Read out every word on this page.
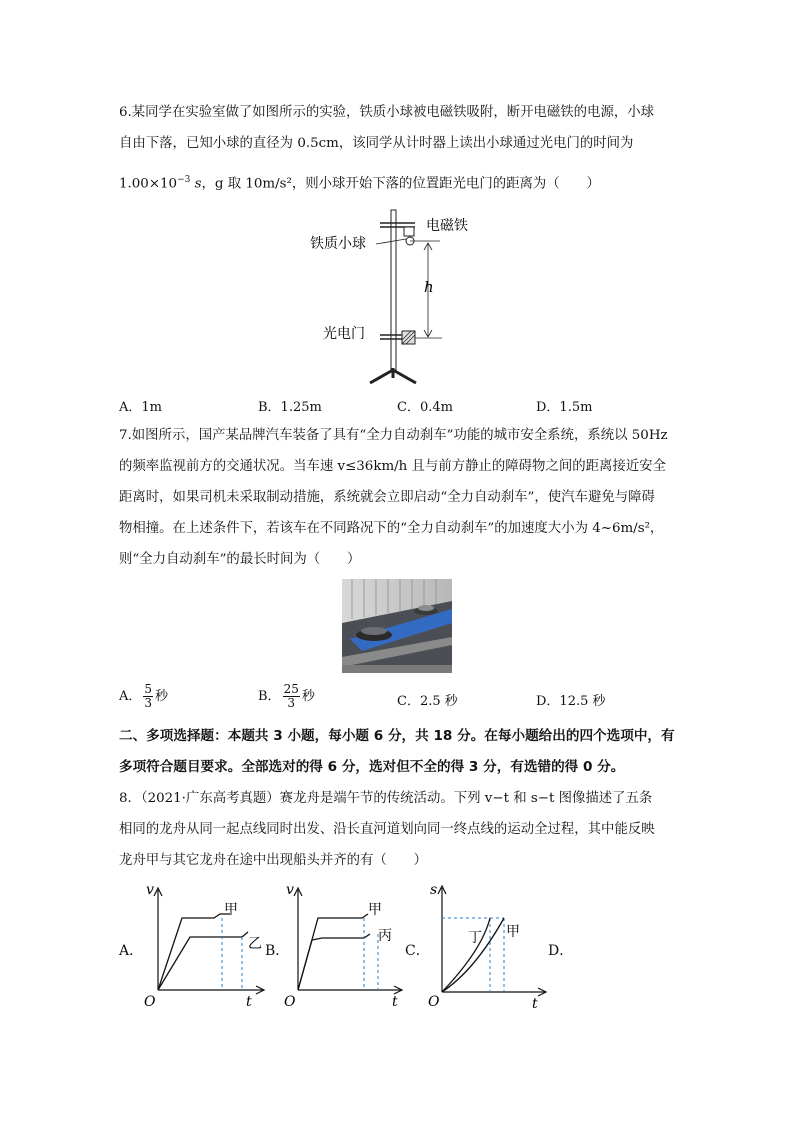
6.某同学在实验室做了如图所示的实验，铁质小球被电磁铁吸附，断开电磁铁的电源，小球
自由下落，已知小球的直径为 0.5cm，该同学从计时器上读出小球通过光电门的时间为
$1.00\times 10^{-3}$ s，g 取 10m/s²，则小球开始下落的位置距光电门的距离为（　　）
电磁铁
铁质小球
h
光电门
A．1m	B．1.25m	C．0.4m	D．1.5m
7.如图所示，国产某品牌汽车装备了具有“全力自动刹车”功能的城市安全系统，系统以 50Hz
的频率监视前方的交通状况。当车速 v≤36km/h 且与前方静止的障碍物之间的距离接近安全
距离时，如果司机未采取制动措施，系统就会立即启动“全力自动刹车”，使汽车避免与障碍
物相撞。在上述条件下，若该车在不同路况下的“全力自动刹车”的加速度大小为 4~6m/s²，
则“全力自动刹车”的最长时间为（　　）
A． $\frac{5}{3}$ 秒	B． $\frac{25}{3}$ 秒	C．2.5 秒	D．12.5 秒
二、多项选择题：本题共 3 小题，每小题 6 分，共 18 分。在每小题给出的四个选项中，有
多项符合题目要求。全部选对的得 6 分，选对但不全的得 3 分，有选错的得 0 分。
8．（2021·广东高考真题）赛龙舟是端午节的传统活动。下列 v−t 和 s−t 图像描述了五条
相同的龙舟从同一起点线同时出发、沿长直河道划向同一终点线的运动全过程，其中能反映
龙舟甲与其它龙舟在途中出现船头并齐的有（　　）
A．
v
O	t
甲
乙 B．
v
O	t
甲
丙
C．
s
O	t
丁 甲
D．
